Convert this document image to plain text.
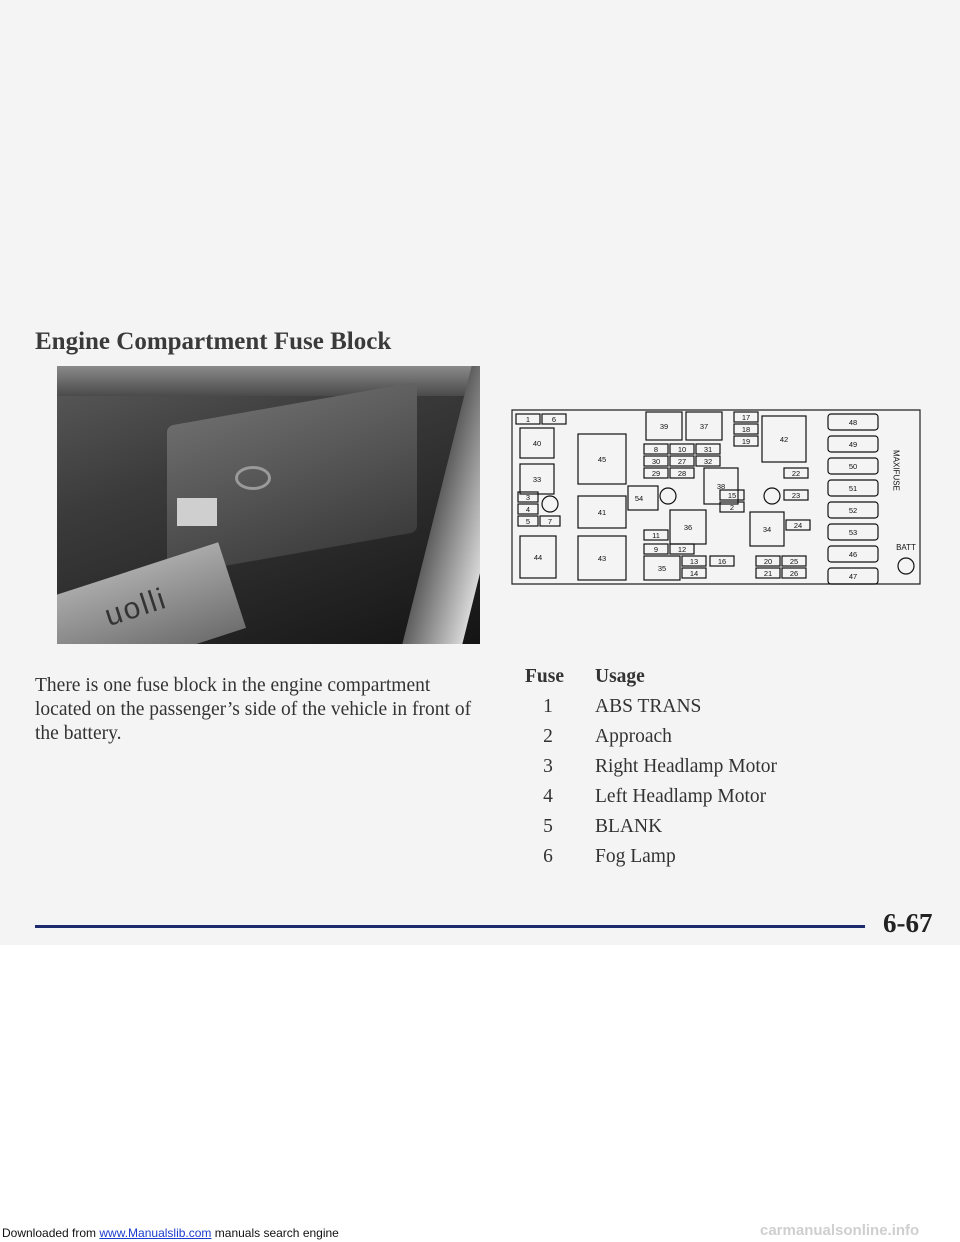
Engine Compartment Fuse Block
uolli
1	6
40
33
3
4
5 7
44
45
41
43
39	37
8	10 31
30 27 32
29 28
54
38
11
9	12
35
13
14
16
36
17
18
19	42
22
15
2
23
34	24
20 25
21 26
48
49
50
51
52
53
46
47
MAXIFUSE
BATT
There is one fuse block in the engine compartment located on the passenger’s side of the vehicle in front of the battery.
Fuse Usage
1	ABS TRANS
2	Approach
3	Right Headlamp Motor
4	Left Headlamp Motor
5	BLANK
6	Fog Lamp
6-67
Downloaded from www.Manualslib.com manuals search engine	carmanualsonline.info
